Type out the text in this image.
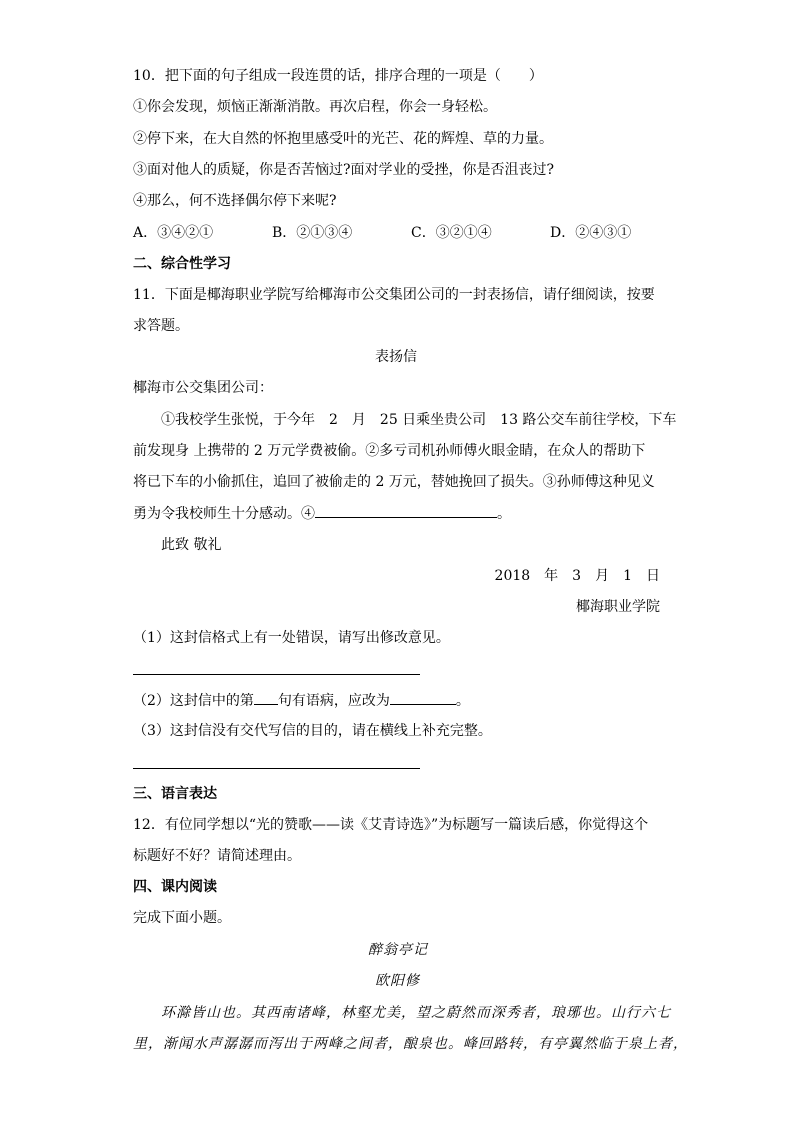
10．把下面的句子组成一段连贯的话，排序合理的一项是（　　）
①你会发现，烦恼正渐渐消散。再次启程，你会一身轻松。
②停下来，在大自然的怀抱里感受叶的光芒、花的辉煌、草的力量。
③面对他人的质疑，你是否苦恼过?面对学业的受挫，你是否沮丧过?
④那么，何不选择偶尔停下来呢?
A．③④②①	B．②①③④	C．③②①④	D．②④③①
二、综合性学习
11．下面是椰海职业学院写给椰海市公交集团公司的一封表扬信，请仔细阅读，按要
求答题。
表扬信
椰海市公交集团公司：
①我校学生张悦，于今年　2　月　25 日乘坐贵公司　13 路公交车前往学校，下车
前发现身 上携带的 2 万元学费被偷。②多亏司机孙师傅火眼金睛，在众人的帮助下
将已下车的小偷抓住，追回了被偷走的 2 万元，替她挽回了损失。③孙师傅这种见义
勇为令我校师生十分感动。④	。
此致 敬礼
2018　年　3　月　1　日
椰海职业学院
（1）这封信格式上有一处错误，请写出修改意见。
（2）这封信中的第 句有语病，应改为	。
（3）这封信没有交代写信的目的，请在横线上补充完整。
三、语言表达
12．有位同学想以“光的赞歌——读《艾青诗选》”为标题写一篇读后感，你觉得这个
标题好不好？请简述理由。
四、课内阅读
完成下面小题。
醉翁亭记
欧阳修
环滁皆山也。其西南诸峰，林壑尤美，望之蔚然而深秀者，琅琊也。山行六七
里，渐闻水声潺潺而泻出于两峰之间者，酿泉也。峰回路转，有亭翼然临于泉上者，
